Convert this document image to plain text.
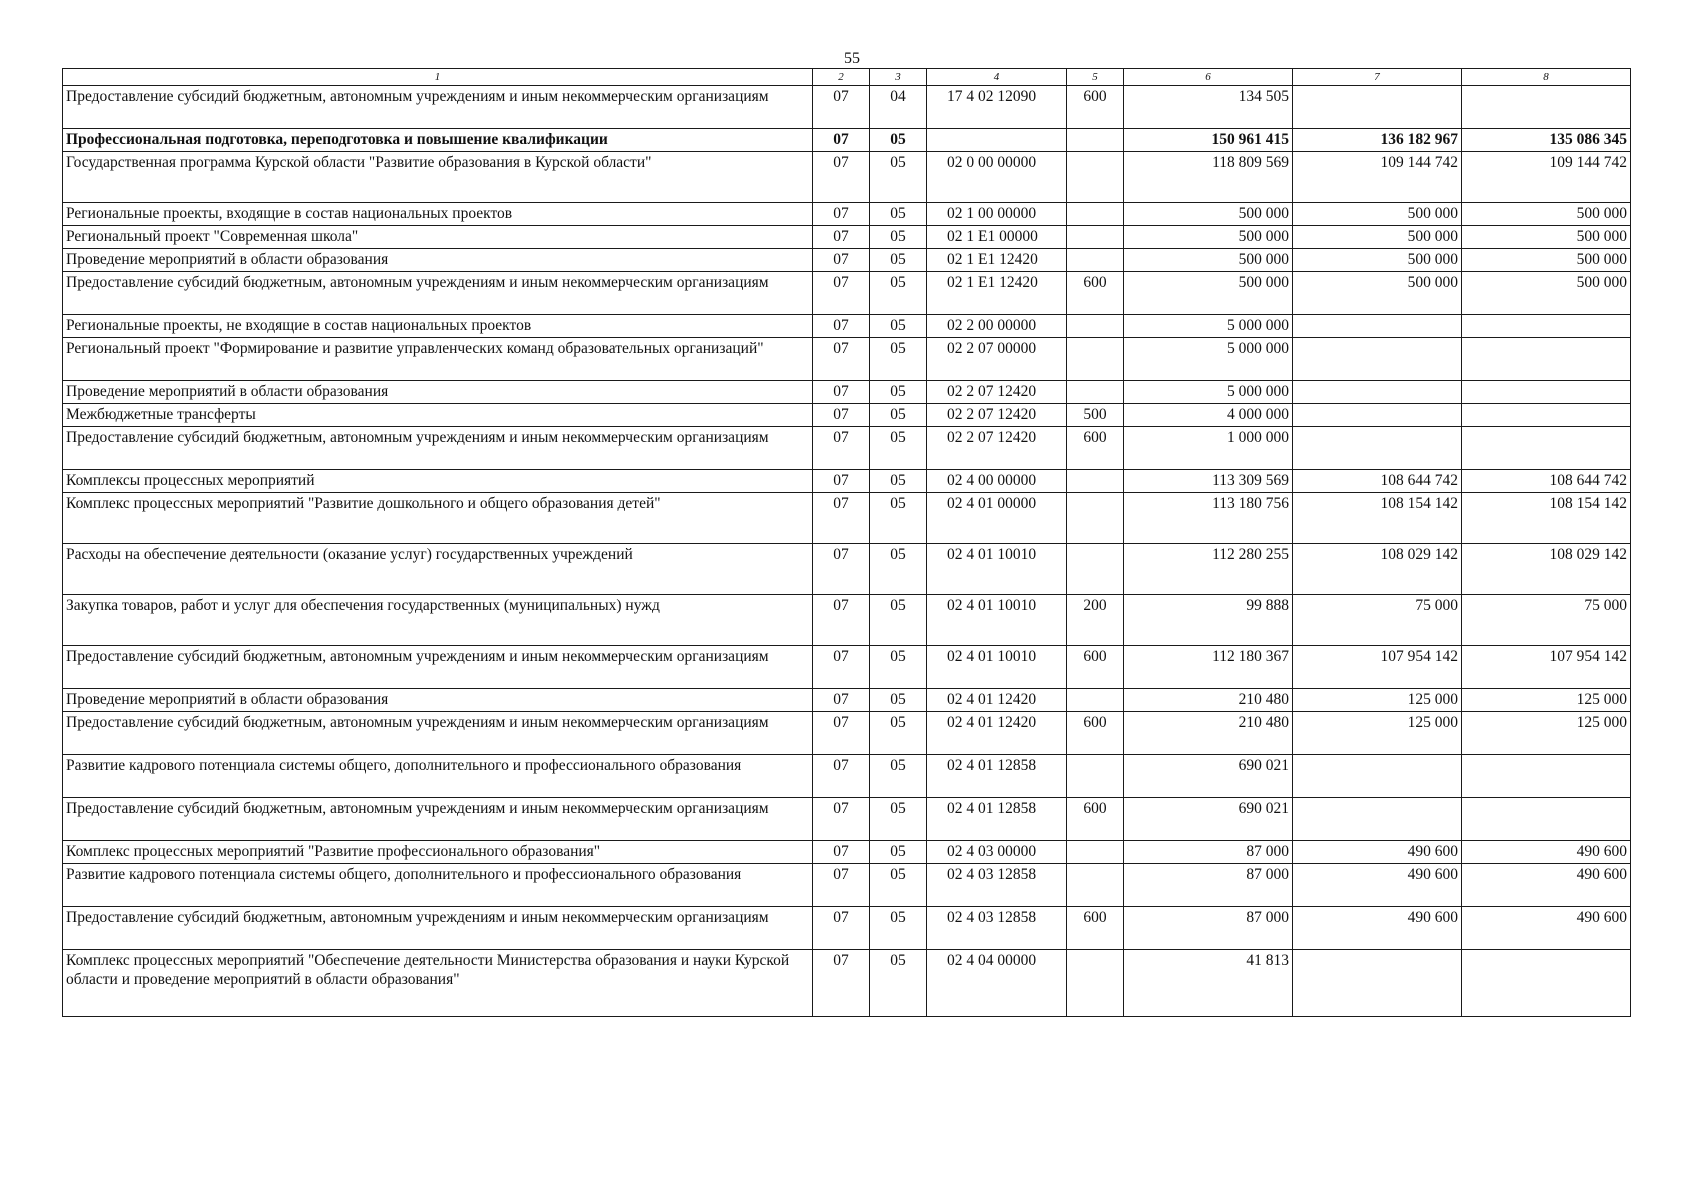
55
1	2	3	4	5	6	7	8
Предоставление субсидий бюджетным, автономным учреждениям и иным некоммерческим организациям	07	04	17 4 02 12090	600	134 505		
Профессиональная подготовка, переподготовка и повышение квалификации	07	05			150 961 415	136 182 967	135 086 345
Государственная программа Курской области "Развитие образования в Курской области"	07	05	02 0 00 00000		118 809 569	109 144 742	109 144 742
Региональные проекты, входящие в состав национальных проектов	07	05	02 1 00 00000		500 000	500 000	500 000
Региональный проект "Современная школа"	07	05	02 1 E1 00000		500 000	500 000	500 000
Проведение мероприятий в области образования	07	05	02 1 E1 12420		500 000	500 000	500 000
Предоставление субсидий бюджетным, автономным учреждениям и иным некоммерческим организациям	07	05	02 1 E1 12420	600	500 000	500 000	500 000
Региональные проекты, не входящие в состав национальных проектов	07	05	02 2 00 00000		5 000 000		
Региональный проект "Формирование и развитие управленческих команд образовательных организаций"	07	05	02 2 07 00000		5 000 000		
Проведение мероприятий в области образования	07	05	02 2 07 12420		5 000 000		
Межбюджетные трансферты	07	05	02 2 07 12420	500	4 000 000		
Предоставление субсидий бюджетным, автономным учреждениям и иным некоммерческим организациям	07	05	02 2 07 12420	600	1 000 000		
Комплексы процессных мероприятий	07	05	02 4 00 00000		113 309 569	108 644 742	108 644 742
Комплекс процессных мероприятий "Развитие дошкольного и общего образования детей"	07	05	02 4 01 00000		113 180 756	108 154 142	108 154 142
Расходы на обеспечение деятельности (оказание услуг) государственных учреждений	07	05	02 4 01 10010		112 280 255	108 029 142	108 029 142
Закупка товаров, работ и услуг для обеспечения государственных (муниципальных) нужд	07	05	02 4 01 10010	200	99 888	75 000	75 000
Предоставление субсидий бюджетным, автономным учреждениям и иным некоммерческим организациям	07	05	02 4 01 10010	600	112 180 367	107 954 142	107 954 142
Проведение мероприятий в области образования	07	05	02 4 01 12420		210 480	125 000	125 000
Предоставление субсидий бюджетным, автономным учреждениям и иным некоммерческим организациям	07	05	02 4 01 12420	600	210 480	125 000	125 000
Развитие кадрового потенциала системы общего, дополнительного и профессионального образования	07	05	02 4 01 12858		690 021		
Предоставление субсидий бюджетным, автономным учреждениям и иным некоммерческим организациям	07	05	02 4 01 12858	600	690 021		
Комплекс процессных мероприятий "Развитие профессионального образования"	07	05	02 4 03 00000		87 000	490 600	490 600
Развитие кадрового потенциала системы общего, дополнительного и профессионального образования	07	05	02 4 03 12858		87 000	490 600	490 600
Предоставление субсидий бюджетным, автономным учреждениям и иным некоммерческим организациям	07	05	02 4 03 12858	600	87 000	490 600	490 600
Комплекс процессных мероприятий "Обеспечение деятельности Министерства образования и науки Курской области и проведение мероприятий в области образования"	07	05	02 4 04 00000		41 813		
